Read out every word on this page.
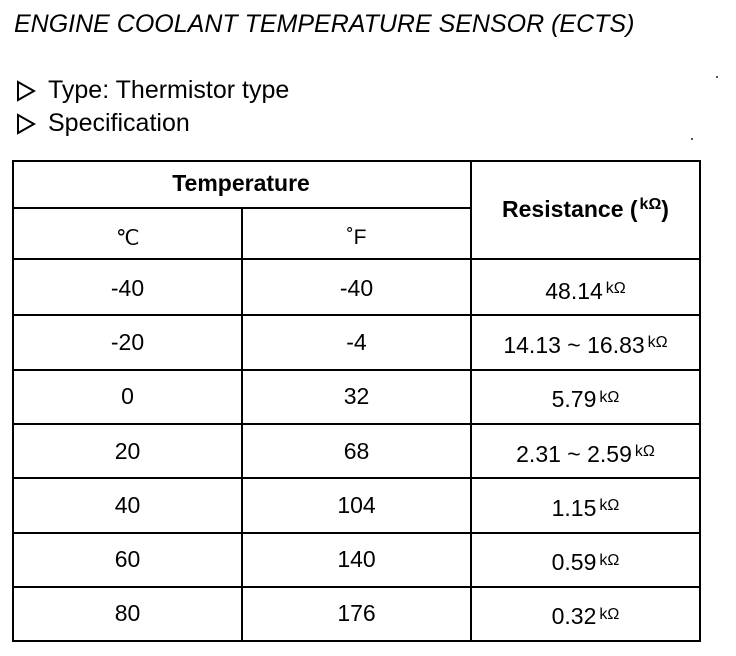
ENGINE COOLANT TEMPERATURE SENSOR (ECTS)
Type: Thermistor type
Specification
Temperature
℃	˚F
Resistance ( kΩ )
-40	-40	48.14 kΩ
-20	-4	14.13 ~ 16.83 kΩ
0	32	5.79 kΩ
20	68	2.31 ~ 2.59 kΩ
40	104	1.15 kΩ
60	140	0.59 kΩ
80	176	0.32 kΩ
